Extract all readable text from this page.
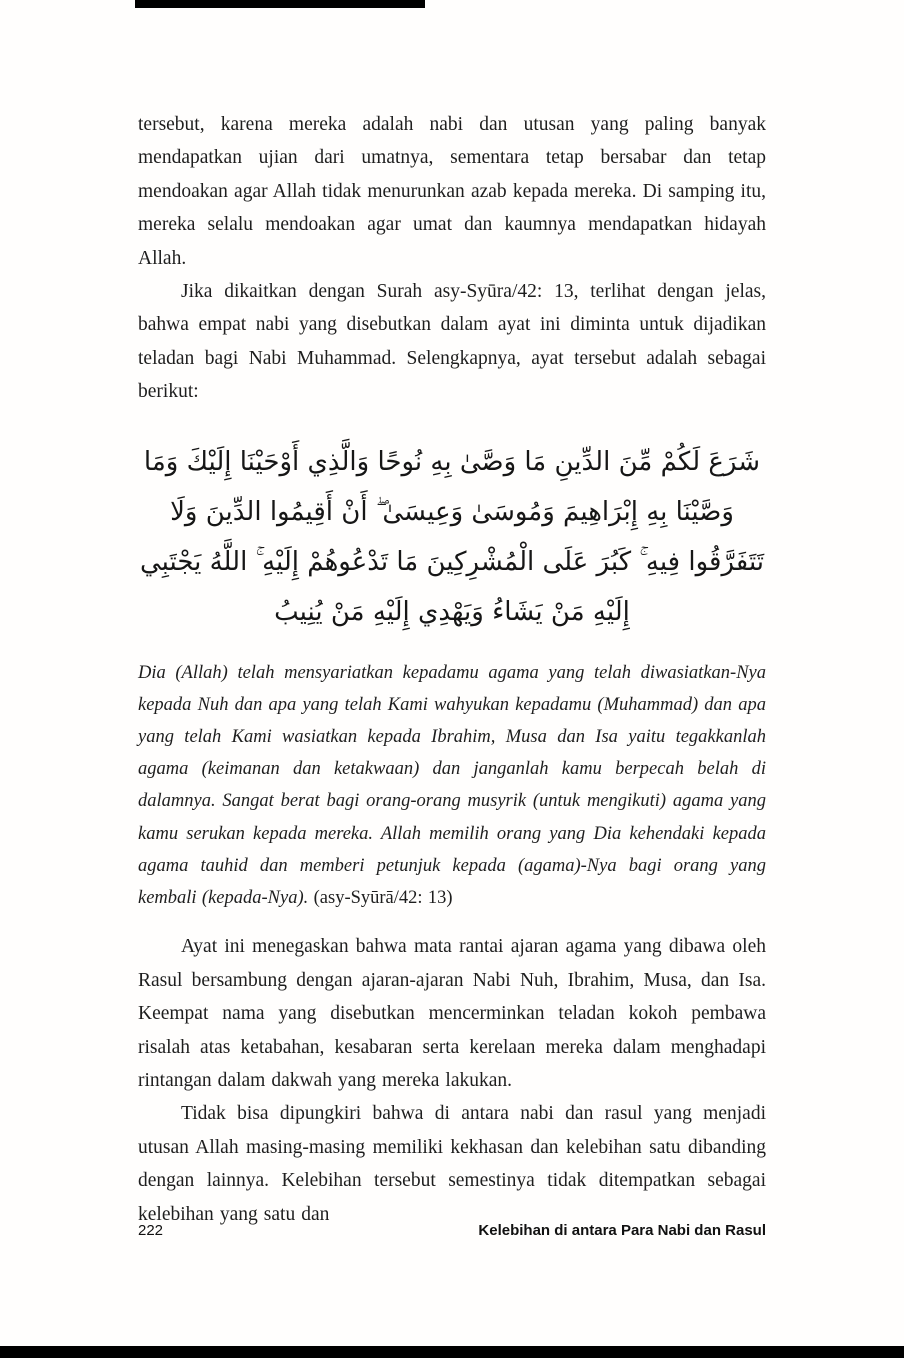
tersebut, karena mereka adalah nabi dan utusan yang paling banyak mendapatkan ujian dari umatnya, sementara tetap bersabar dan tetap mendoakan agar Allah tidak menurunkan azab kepada mereka. Di samping itu, mereka selalu mendoakan agar umat dan kaumnya mendapatkan hidayah Allah.

Jika dikaitkan dengan Surah asy-Syūra/42: 13, terlihat dengan jelas, bahwa empat nabi yang disebutkan dalam ayat ini diminta untuk dijadikan teladan bagi Nabi Muhammad. Selengkapnya, ayat tersebut adalah sebagai berikut:

شَرَعَ لَكُمْ مِّنَ الدِّينِ مَا وَصَّىٰ بِهِ نُوحًا وَالَّذِي أَوْحَيْنَا إِلَيْكَ وَمَا وَصَّيْنَا بِهِ إِبْرَاهِيمَ وَمُوسَىٰ وَعِيسَىٰ ۖ أَنْ أَقِيمُوا الدِّينَ وَلَا تَتَفَرَّقُوا فِيهِ ۚ كَبُرَ عَلَى الْمُشْرِكِينَ مَا تَدْعُوهُمْ إِلَيْهِ ۚ اللَّهُ يَجْتَبِي إِلَيْهِ مَنْ يَشَاءُ وَيَهْدِي إِلَيْهِ مَنْ يُنِيبُ

Dia (Allah) telah mensyariatkan kepadamu agama yang telah diwasiatkan-Nya kepada Nuh dan apa yang telah Kami wahyukan kepadamu (Muhammad) dan apa yang telah Kami wasiatkan kepada Ibrahim, Musa dan Isa yaitu tegakkanlah agama (keimanan dan ketakwaan) dan janganlah kamu berpecah belah di dalamnya. Sangat berat bagi orang-orang musyrik (untuk mengikuti) agama yang kamu serukan kepada mereka. Allah memilih orang yang Dia kehendaki kepada agama tauhid dan memberi petunjuk kepada (agama)-Nya bagi orang yang kembali (kepada-Nya). (asy-Syūrā/42: 13)

Ayat ini menegaskan bahwa mata rantai ajaran agama yang dibawa oleh Rasul bersambung dengan ajaran-ajaran Nabi Nuh, Ibrahim, Musa, dan Isa. Keempat nama yang disebutkan mencerminkan teladan kokoh pembawa risalah atas ketabahan, kesabaran serta kerelaan mereka dalam menghadapi rintangan dalam dakwah yang mereka lakukan.

Tidak bisa dipungkiri bahwa di antara nabi dan rasul yang menjadi utusan Allah masing-masing memiliki kekhasan dan kelebihan satu dibanding dengan lainnya. Kelebihan tersebut semestinya tidak ditempatkan sebagai kelebihan yang satu dan

222	Kelebihan di antara Para Nabi dan Rasul
